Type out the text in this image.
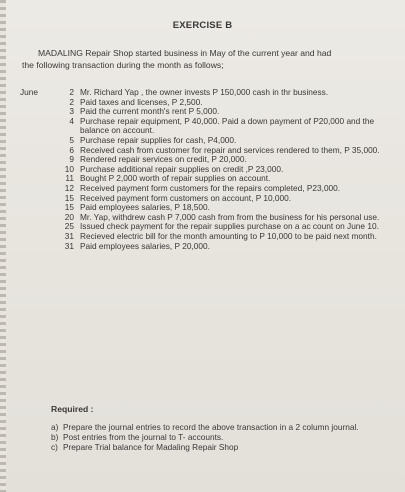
EXERCISE B

MADALING Repair Shop started business in May of the current year and had

the following transaction during the month as follows;

June	2 Mr. Richard Yap , the owner invests P 150,000 cash in thr business.
2 Paid taxes and licenses, P 2,500.
3 Paid the current month's rent P 5,000.
4 Purchase repair equipment, P 40,000. Paid a down payment of P20,000 and the balance on account.
5 Purchase repair supplies for cash, P4,000.
6 Received cash from customer for repair and services rendered to them, P 35,000.
9 Rendered repair services on credit, P 20,000.
10 Purchase additional repair supplies on credit ,P 23,000.
11 Bought P 2,000 worth of repair supplies on account.
12 Received payment form customers for the repairs completed, P23,000.
15 Received payment form customers on account, P 10,000.
15 Paid employees salaries, P 18,500.
20 Mr. Yap, withdrew cash P 7,000 cash from from the business for his personal use.
25 Issued check payment for the repair supplies purchase on a ac count on June 10.
31 Recieved electric bill for the month amounting to P 10,000 to be paid next month.
31 Paid employees salaries, P 20,000.
Required :
a) Prepare the journal entries to record the above transaction in a 2 column journal.
b) Post entries from the journal to T- accounts.
c) Prepare Trial balance for Madaling Repair Shop
